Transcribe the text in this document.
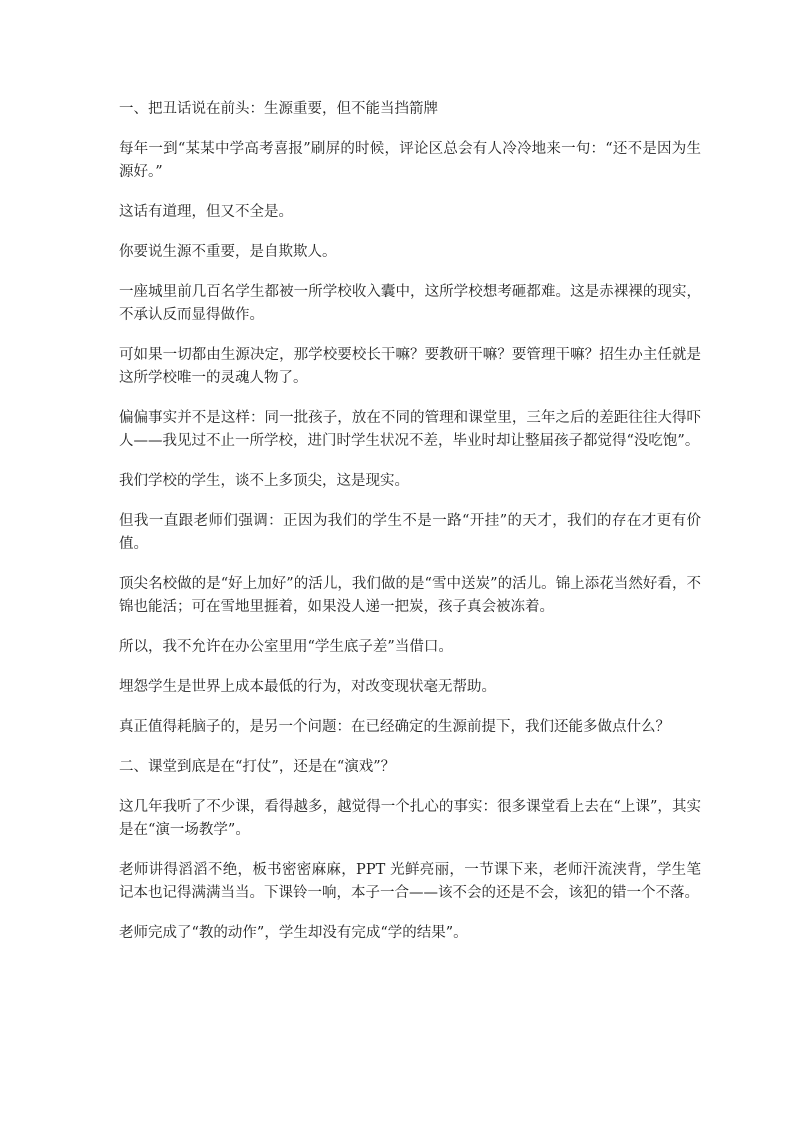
一、把丑话说在前头：生源重要，但不能当挡箭牌

每年一到“某某中学高考喜报”刷屏的时候，评论区总会有人冷冷地来一句：“还不是因为生源好。”

这话有道理，但又不全是。

你要说生源不重要，是自欺欺人。

一座城里前几百名学生都被一所学校收入囊中，这所学校想考砸都难。这是赤裸裸的现实，不承认反而显得做作。

可如果一切都由生源决定，那学校要校长干嘛？要教研干嘛？要管理干嘛？招生办主任就是这所学校唯一的灵魂人物了。

偏偏事实并不是这样：同一批孩子，放在不同的管理和课堂里，三年之后的差距往往大得吓人——我见过不止一所学校，进门时学生状况不差，毕业时却让整届孩子都觉得“没吃饱”。

我们学校的学生，谈不上多顶尖，这是现实。

但我一直跟老师们强调：正因为我们的学生不是一路“开挂”的天才，我们的存在才更有价值。

顶尖名校做的是“好上加好”的活儿，我们做的是“雪中送炭”的活儿。锦上添花当然好看，不锦也能活；可在雪地里捱着，如果没人递一把炭，孩子真会被冻着。

所以，我不允许在办公室里用“学生底子差”当借口。

埋怨学生是世界上成本最低的行为，对改变现状毫无帮助。

真正值得耗脑子的，是另一个问题：在已经确定的生源前提下，我们还能多做点什么？

二、课堂到底是在“打仗”，还是在“演戏”？

这几年我听了不少课，看得越多，越觉得一个扎心的事实：很多课堂看上去在“上课”，其实是在“演一场教学”。

老师讲得滔滔不绝，板书密密麻麻，PPT 光鲜亮丽，一节课下来，老师汗流浃背，学生笔记本也记得满满当当。下课铃一响，本子一合——该不会的还是不会，该犯的错一个不落。

老师完成了“教的动作”，学生却没有完成“学的结果”。
